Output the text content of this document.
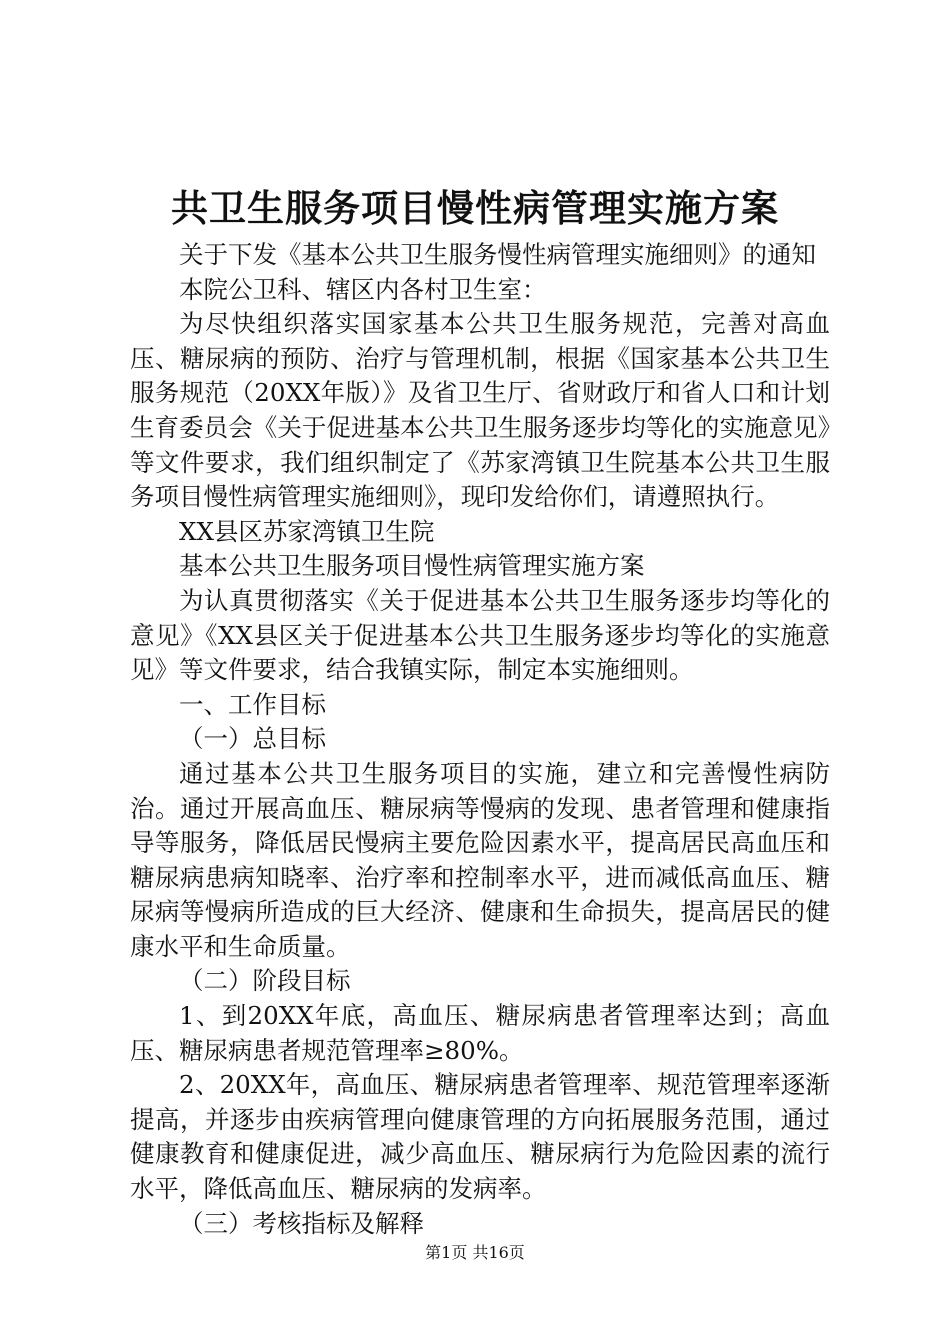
共卫生服务项目慢性病管理实施方案

关于下发《基本公共卫生服务慢性病管理实施细则》的通知

本院公卫科、辖区内各村卫生室：

为尽快组织落实国家基本公共卫生服务规范，完善对高血压、糖尿病的预防、治疗与管理机制，根据《国家基本公共卫生服务规范（20XX年版）》及省卫生厅、省财政厅和省人口和计划生育委员会《关于促进基本公共卫生服务逐步均等化的实施意见》等文件要求，我们组织制定了《苏家湾镇卫生院基本公共卫生服务项目慢性病管理实施细则》，现印发给你们，请遵照执行。

XX县区苏家湾镇卫生院

基本公共卫生服务项目慢性病管理实施方案

为认真贯彻落实《关于促进基本公共卫生服务逐步均等化的意见》《XX县区关于促进基本公共卫生服务逐步均等化的实施意见》等文件要求，结合我镇实际，制定本实施细则。

一、工作目标

（一）总目标

通过基本公共卫生服务项目的实施，建立和完善慢性病防治。通过开展高血压、糖尿病等慢病的发现、患者管理和健康指导等服务，降低居民慢病主要危险因素水平，提高居民高血压和糖尿病患病知晓率、治疗率和控制率水平，进而减低高血压、糖尿病等慢病所造成的巨大经济、健康和生命损失，提高居民的健康水平和生命质量。

（二）阶段目标

1、到20XX年底，高血压、糖尿病患者管理率达到；高血压、糖尿病患者规范管理率≥80%。

2、20XX年，高血压、糖尿病患者管理率、规范管理率逐渐提高，并逐步由疾病管理向健康管理的方向拓展服务范围，通过健康教育和健康促进，减少高血压、糖尿病行为危险因素的流行水平，降低高血压、糖尿病的发病率。

（三）考核指标及解释

第1页 共16页
